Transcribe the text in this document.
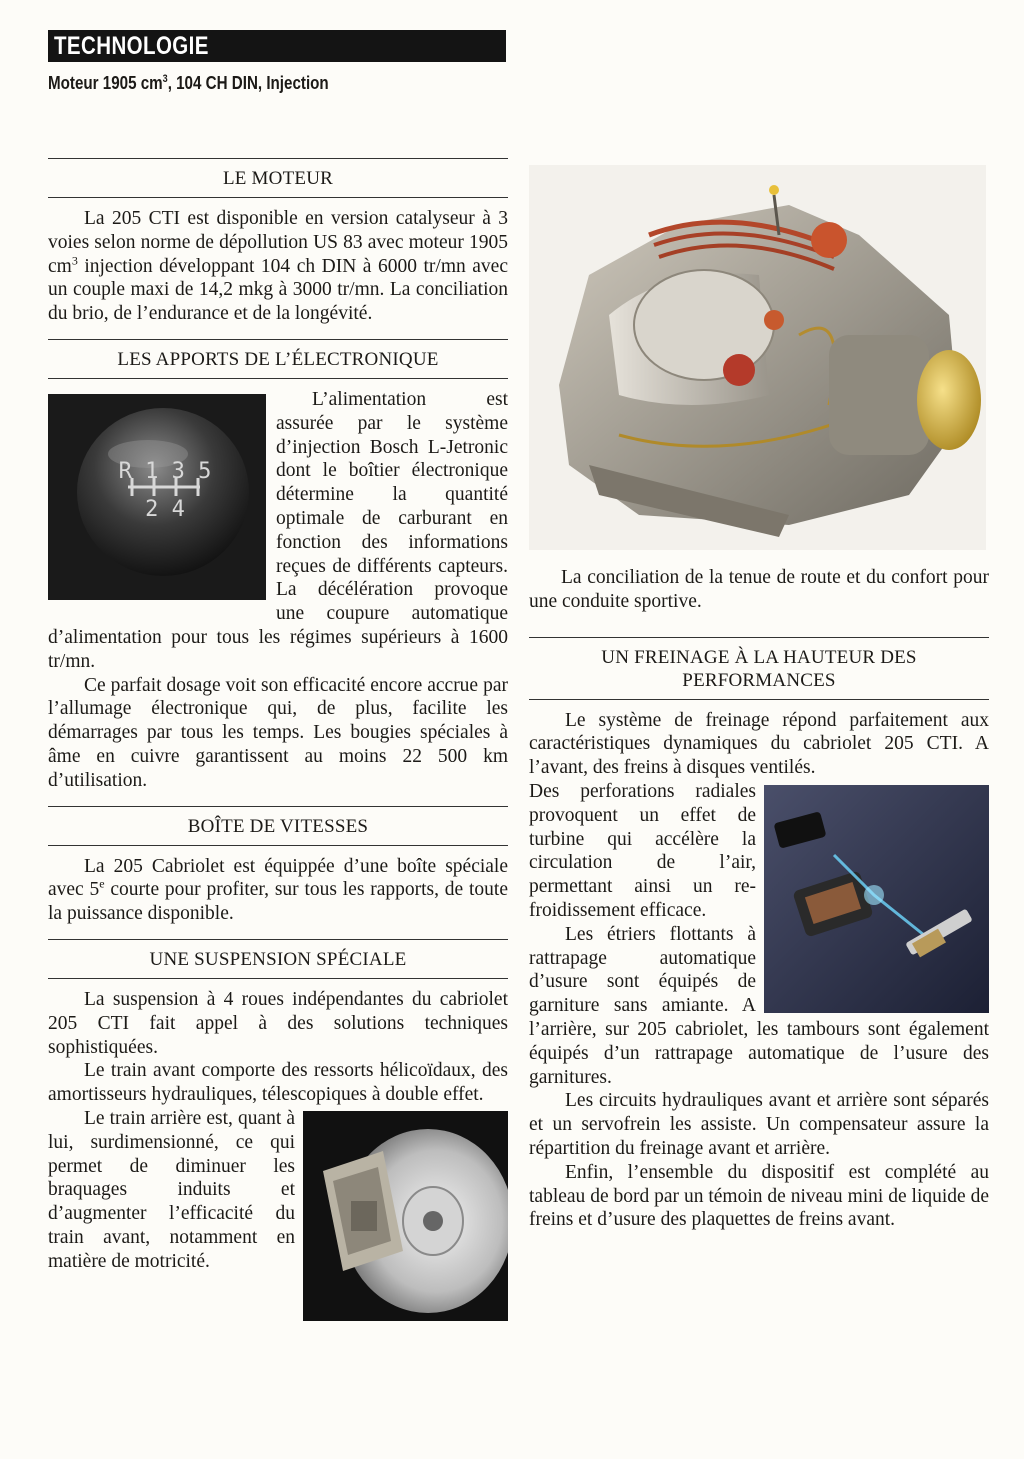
TECHNOLOGIE
Moteur 1905 $cm^3$, 104 CH DIN, Injection
LE MOTEUR

La 205 CTI est disponible en version catalyseur à 3 voies selon norme de dépollution US 83 avec moteur 1905 $cm^3$ injection développant 104 ch DIN à 6000 tr/mn avec un couple maxi de 14,2 mkg à 3000 tr/mn. La conciliation du brio, de l’endurance et de la longévité.

LES APPORTS DE L’ÉLECTRONIQUE
R 1 3 5
2 4

L’alimentation est assurée par le système d’injection Bosch L-Jetronic dont le boîtier électronique détermine la quantité optimale de carburant en fonction des informations reçues de différents capteurs. La décélération provoque une coupure automatique d’alimentation pour tous les régimes supérieurs à 1600 tr/mn.

Ce parfait dosage voit son efficacité encore accrue par l’allumage électronique qui, de plus, facilite les démarrages par tous les temps. Les bougies spéciales à âme en cuivre garantissent au moins 22 500 km d’utilisation.

BOÎTE DE VITESSES

La 205 Cabriolet est équippée d’une boîte spéciale avec 5e courte pour profiter, sur tous les rapports, de toute la puissance disponible.

UNE SUSPENSION SPÉCIALE

La suspension à 4 roues indépendantes du cabriolet 205 CTI fait appel à des solutions techniques sophistiquées.

Le train avant comporte des ressorts hélicoïdaux, des amortisseurs hydrauliques, télescopiques à double effet.

Le train arrière est, quant à lui, surdimensionné, ce qui permet de diminuer les braquages induits et d’augmenter l’efficacité du train avant, notamment en matière de motricité.

La conciliation de la tenue de route et du confort pour une conduite sportive.

UN FREINAGE À LA HAUTEUR DES
PERFORMANCES

Le système de freinage répond parfaitement aux caractéristiques dynamiques du cabriolet 205 CTI. A l’avant, des freins à disques ventilés.

Des perforations radiales provoquent un effet de turbine qui accélère la circulation de l’air, permettant ainsi un refroidissement efficace.

Les étriers flottants à rattrapage automatique d’usure sont équipés de garniture sans amiante. A l’arrière, sur 205 cabriolet, les tambours sont également équipés d’un rattrapage automatique de l’usure des garnitures.

Les circuits hydrauliques avant et arrière sont séparés et un servofrein les assiste. Un compensateur assure la répartition du freinage avant et arrière.

Enfin, l’ensemble du dispositif est complété au tableau de bord par un témoin de niveau mini de liquide de freins et d’usure des plaquettes de freins avant.
